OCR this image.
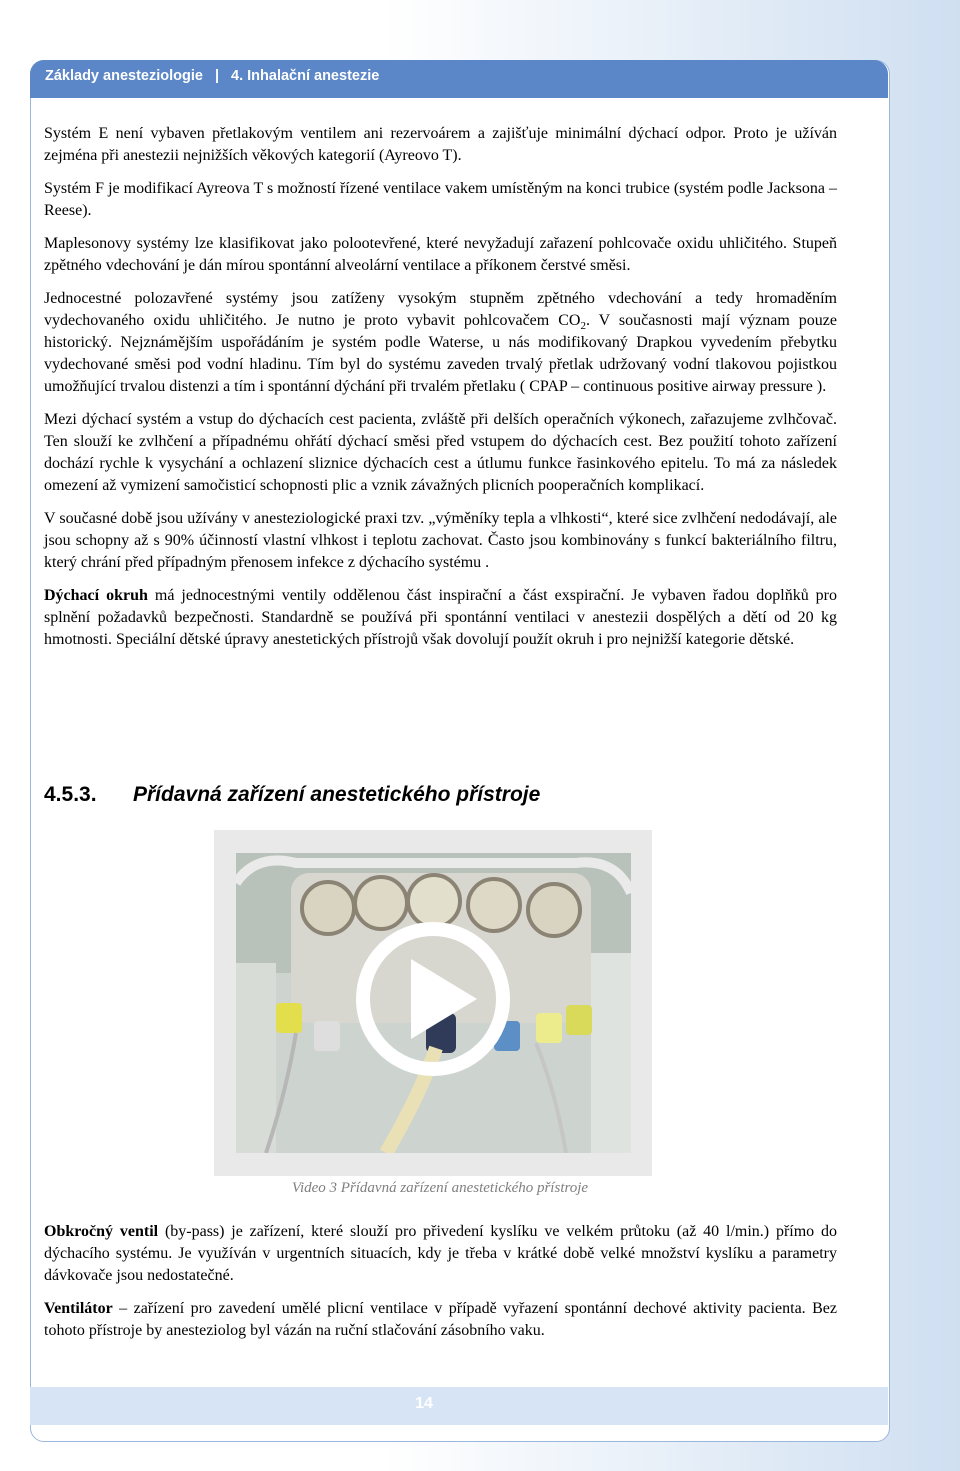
Základy anesteziologie | 4. Inhalační anestezie

Systém E není vybaven přetlakovým ventilem ani rezervoárem a zajišťuje minimální dýchací odpor. Proto je užíván zejména při anestezii nejnižších věkových kategorií (Ayreovo T).

Systém F je modifikací Ayreova T s možností řízené ventilace vakem umístěným na konci trubice (systém podle Jacksona – Reese).

Maplesonovy systémy lze klasifikovat jako polootevřené, které nevyžadují zařazení pohlcovače oxidu uhličitého. Stupeň zpětného vdechování je dán mírou spontánní alveolární ventilace a příkonem čerstvé směsi.

Jednocestné polozavřené systémy jsou zatíženy vysokým stupněm zpětného vdechování a tedy hromaděním vydechovaného oxidu uhličitého. Je nutno je proto vybavit pohlcovačem $CO_2$. V současnosti mají význam pouze historický. Nejznámějším uspořádáním je systém podle Waterse, u nás modifikovaný Drapkou vyvedením přebytku vydechované směsi pod vodní hladinu. Tím byl do systému zaveden trvalý přetlak udržovaný vodní tlakovou pojistkou umožňující trvalou distenzi a tím i spontánní dýchání při trvalém přetlaku ( CPAP – continuous positive airway pressure ).

Mezi dýchací systém a vstup do dýchacích cest pacienta, zvláště při delších operačních výkonech, zařazujeme zvlhčovač. Ten slouží ke zvlhčení a případnému ohřátí dýchací směsi před vstupem do dýchacích cest. Bez použití tohoto zařízení dochází rychle k vysychání a ochlazení sliznice dýchacích cest a útlumu funkce řasinkového epitelu. To má za následek omezení až vymizení samočisticí schopnosti plic a vznik závažných plicních pooperačních komplikací.

V současné době jsou užívány v anesteziologické praxi tzv. „výměníky tepla a vlhkosti“, které sice zvlhčení nedodávají, ale jsou schopny až s 90% účinností vlastní vlhkost i teplotu zachovat. Často jsou kombinovány s funkcí bakteriálního filtru, který chrání před případným přenosem infekce z dýchacího systému .

Dýchací okruh má jednocestnými ventily oddělenou část inspirační a část exspirační. Je vybaven řadou doplňků pro splnění požadavků bezpečnosti. Standardně se používá při spontánní ventilaci v anestezii dospělých a dětí od 20 kg hmotnosti. Speciální dětské úpravy anestetických přístrojů však dovolují použít okruh i pro nejnižší kategorie dětské.

4.5.3. Přídavná zařízení anestetického přístroje
Video 3 Přídavná zařízení anestetického přístroje

Obkročný ventil (by-pass) je zařízení, které slouží pro přivedení kyslíku ve velkém průtoku (až 40 l/min.) přímo do dýchacího systému. Je využíván v urgentních situacích, kdy je třeba v krátké době velké množství kyslíku a parametry dávkovače jsou nedostatečné.

Ventilátor – zařízení pro zavedení umělé plicní ventilace v případě vyřazení spontánní dechové aktivity pacienta. Bez tohoto přístroje by anesteziolog byl vázán na ruční stlačování zásobního vaku.

14
